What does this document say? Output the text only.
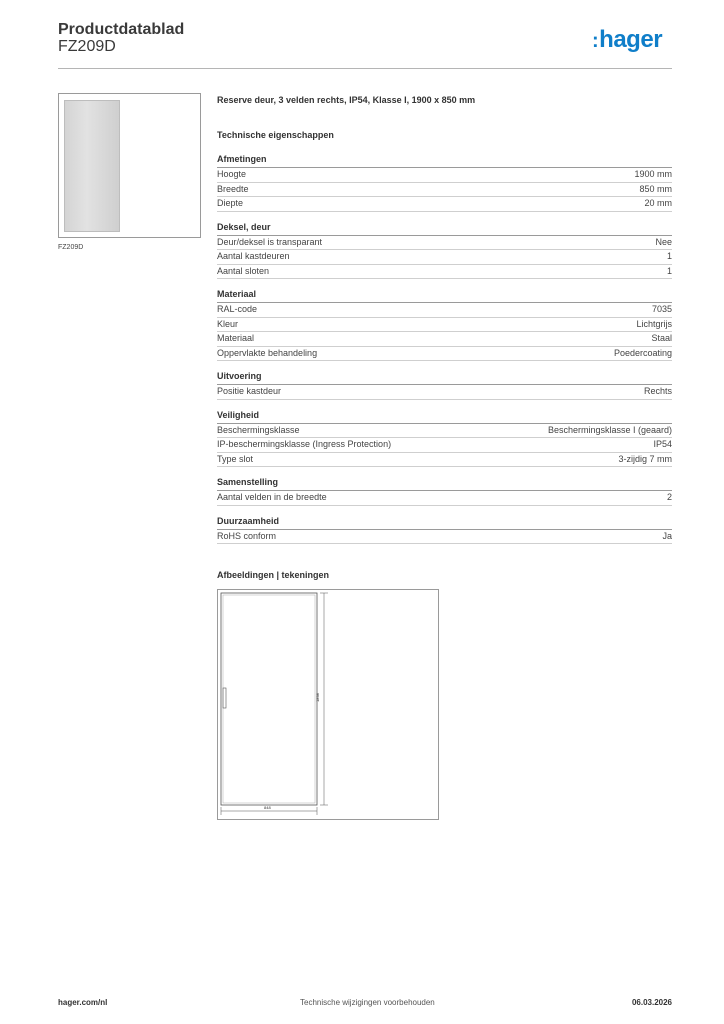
Productdatablad
FZ209D	:hager
FZ209D
Reserve deur, 3 velden rechts, IP54, Klasse I, 1900 x 850 mm
Technische eigenschappen
Afmetingen
Hoogte	1900 mm
Breedte	850 mm
Diepte	20 mm
Deksel, deur
Deur/deksel is transparant	Nee
Aantal kastdeuren	1
Aantal sloten	1
Materiaal
RAL-code	7035
Kleur	Lichtgrijs
Materiaal	Staal
Oppervlakte behandeling	Poedercoating
Uitvoering
Positie kastdeur	Rechts
Veiligheid
Beschermingsklasse	Beschermingsklasse I (geaard)
IP-beschermingsklasse (Ingress Protection)	IP54
Type slot	3-zijdig 7 mm
Samenstelling
Aantal velden in de breedte	2
Duurzaamheid
RoHS conform	Ja
Afbeeldingen | tekeningen
1898
848
hager.com/nl	Technische wijzigingen voorbehouden	06.03.2026
